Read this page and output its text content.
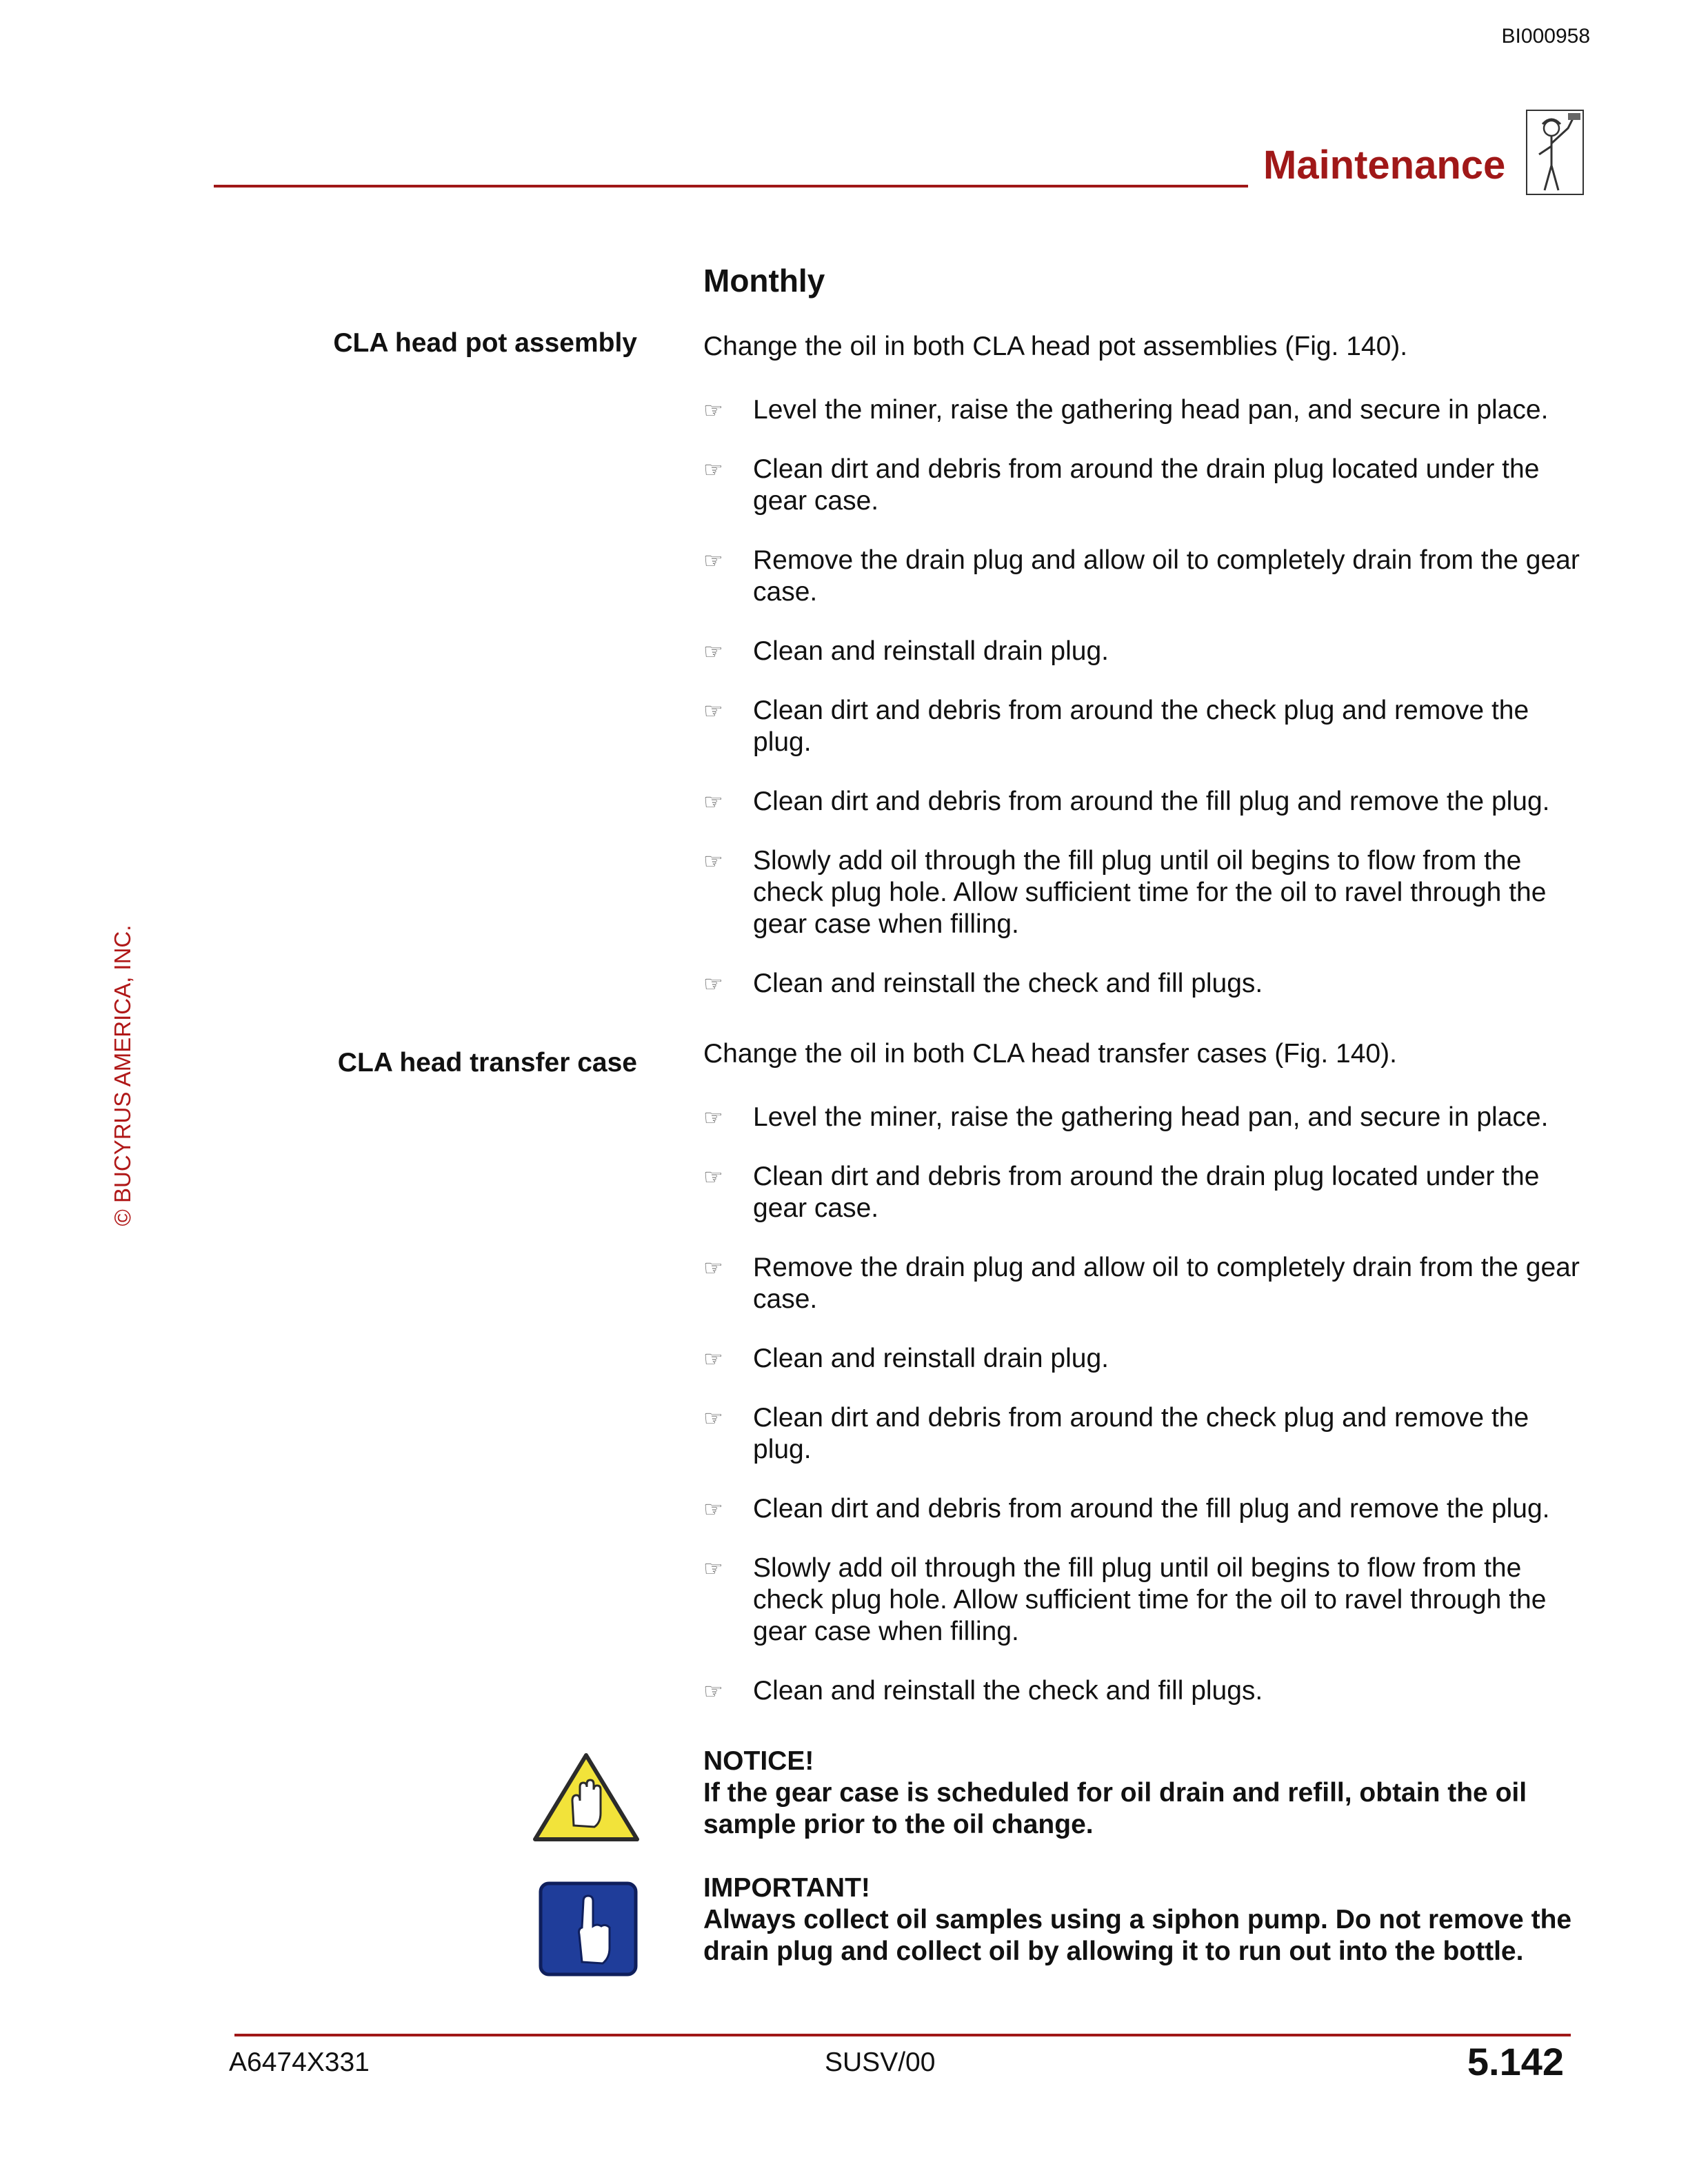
BI000958
Maintenance
© BUCYRUS AMERICA, INC.
Monthly
CLA head pot assembly Change the oil in both CLA head pot assemblies (Fig. 140).
☞ Level the miner, raise the gathering head pan, and secure in place.
☞ Clean dirt and debris from around the drain plug located under the gear case.
☞ Remove the drain plug and allow oil to completely drain from the gear case.
☞ Clean and reinstall drain plug.
☞ Clean dirt and debris from around the check plug and remove the plug.
☞ Clean dirt and debris from around the fill plug and remove the plug.
☞ Slowly add oil through the fill plug until oil begins to flow from the check plug hole. Allow sufficient time for the oil to ravel through the gear case when filling.
☞ Clean and reinstall the check and fill plugs.
CLA head transfer case Change the oil in both CLA head transfer cases (Fig. 140).
☞ Level the miner, raise the gathering head pan, and secure in place.
☞ Clean dirt and debris from around the drain plug located under the gear case.
☞ Remove the drain plug and allow oil to completely drain from the gear case.
☞ Clean and reinstall drain plug.
☞ Clean dirt and debris from around the check plug and remove the plug.
☞ Clean dirt and debris from around the fill plug and remove the plug.
☞ Slowly add oil through the fill plug until oil begins to flow from the check plug hole. Allow sufficient time for the oil to ravel through the gear case when filling.
☞ Clean and reinstall the check and fill plugs.
NOTICE!
If the gear case is scheduled for oil drain and refill, obtain the oil sample prior to the oil change.
IMPORTANT!
Always collect oil samples using a siphon pump. Do not remove the drain plug and collect oil by allowing it to run out into the bottle.
A6474X331	SUSV/00	5.142
